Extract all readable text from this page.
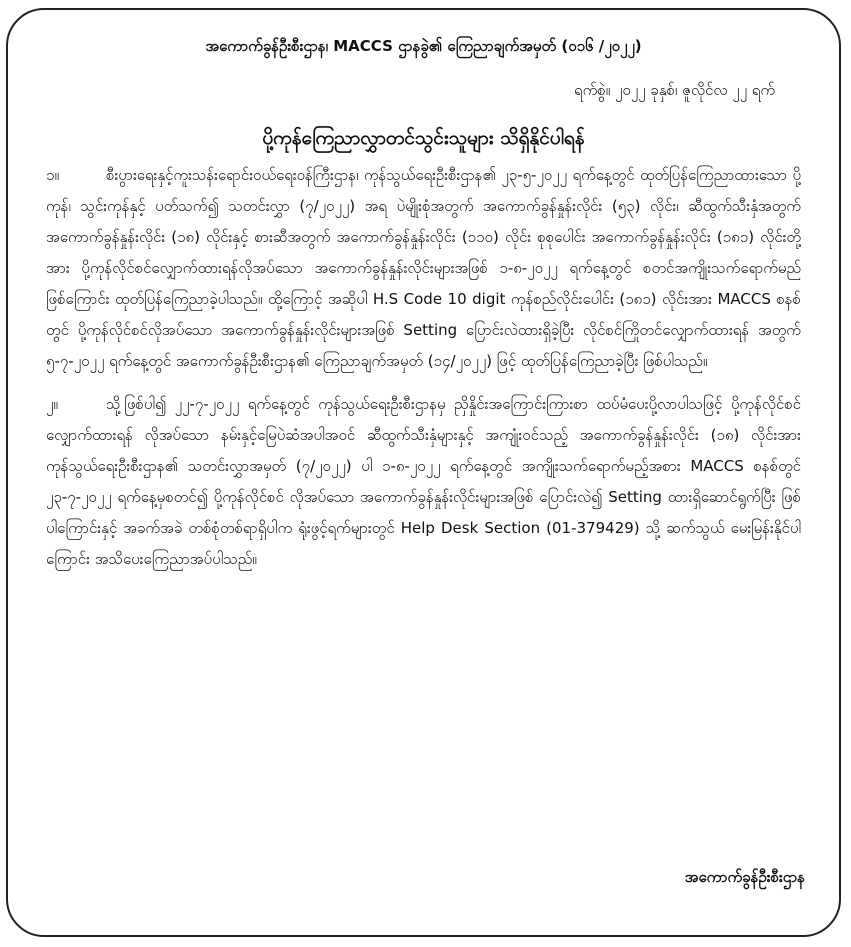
အကောက်ခွန်ဦးစီးဌာန၊ MACCS ဌာနခွဲ၏ ကြေညာချက်အမှတ် (၀၁၆ /၂၀၂၂)

ရက်စွဲ။ ၂၀၂၂ ခုနှစ်၊ ဇူလိုင်လ ၂၂ ရက်

ပို့ကုန်ကြေညာလွှာတင်သွင်းသူများ သိရှိနိုင်ပါရန်

၁။	စီးပွားရေးနှင့်ကူးသန်းရောင်းဝယ်ရေးဝန်ကြီးဌာန၊ ကုန်သွယ်ရေးဦးစီးဌာန၏ ၂၃-၅-၂၀၂၂ ရက်နေ့တွင် ထုတ်ပြန်ကြေညာထားသော ပို့ကုန်၊ သွင်းကုန်နှင့် ပတ်သက်၍ သတင်းလွှာ (၇/၂၀၂၂) အရ ပဲမျိုးစုံအတွက် အကောက်ခွန်နှုန်းလိုင်း (၅၃) လိုင်း၊ ဆီထွက်သီးနှံအတွက် အကောက်ခွန်နှုန်းလိုင်း (၁၈) လိုင်းနှင့် စားဆီအတွက် အကောက်ခွန်နှုန်းလိုင်း (၁၁၀) လိုင်း စုစုပေါင်း အကောက်ခွန်နှုန်းလိုင်း (၁၈၁) လိုင်းတို့အား ပို့ကုန်လိုင်စင်လျှောက်ထားရန်လိုအပ်သော အကောက်ခွန်နှုန်းလိုင်းများအဖြစ် ၁-၈-၂၀၂၂ ရက်နေ့တွင် စတင်အကျိုးသက်ရောက်မည်ဖြစ်ကြောင်း ထုတ်ပြန်ကြေညာခဲ့ပါသည်။ ထို့ကြောင့် အဆိုပါ H.S Code 10 digit ကုန်စည်လိုင်းပေါင်း (၁၈၁) လိုင်းအား MACCS စနစ်တွင် ပို့ကုန်လိုင်စင်လိုအပ်သော အကောက်ခွန်နှုန်းလိုင်းများအဖြစ် Setting ပြောင်းလဲထားရှိခဲ့ပြီး လိုင်စင်ကြိုတင်လျှောက်ထားရန် အတွက် ၅-၇-၂၀၂၂ ရက်နေ့တွင် အကောက်ခွန်ဦးစီးဌာန၏ ကြေညာချက်အမှတ် (၁၄/၂၀၂၂) ဖြင့် ထုတ်ပြန်ကြေညာခဲ့ပြီး ဖြစ်ပါသည်။

၂။	သို့ဖြစ်ပါ၍ ၂၂-၇-၂၀၂၂ ရက်နေ့တွင် ကုန်သွယ်ရေးဦးစီးဌာနမှ ညှိနှိုင်းအကြောင်းကြားစာ ထပ်မံပေးပို့လာပါသဖြင့် ပို့ကုန်လိုင်စင်လျှောက်ထားရန် လိုအပ်သော နမ်းနှင့်မြေပဲဆံအပါအဝင် ဆီထွက်သီးနှံများနှင့် အကျုံးဝင်သည့် အကောက်ခွန်နှုန်းလိုင်း (၁၈) လိုင်းအား ကုန်သွယ်ရေးဦးစီးဌာန၏ သတင်းလွှာအမှတ် (၇/၂၀၂၂) ပါ ၁-၈-၂၀၂၂ ရက်နေ့တွင် အကျိုးသက်ရောက်မည့်အစား MACCS စနစ်တွင် ၂၃-၇-၂၀၂၂ ရက်နေ့မှစတင်၍ ပို့ကုန်လိုင်စင် လိုအပ်သော အကောက်ခွန်နှုန်းလိုင်းများအဖြစ် ပြောင်းလဲ၍ Setting ထားရှိဆောင်ရွက်ပြီး ဖြစ်ပါကြောင်းနှင့် အခက်အခဲ တစ်စုံတစ်ရာရှိပါက ရုံးဖွင့်ရက်များတွင် Help Desk Section (01-379429) သို့ ဆက်သွယ် မေးမြန်းနိုင်ပါကြောင်း အသိပေးကြေညာအပ်ပါသည်။

အကောက်ခွန်ဦးစီးဌာန
